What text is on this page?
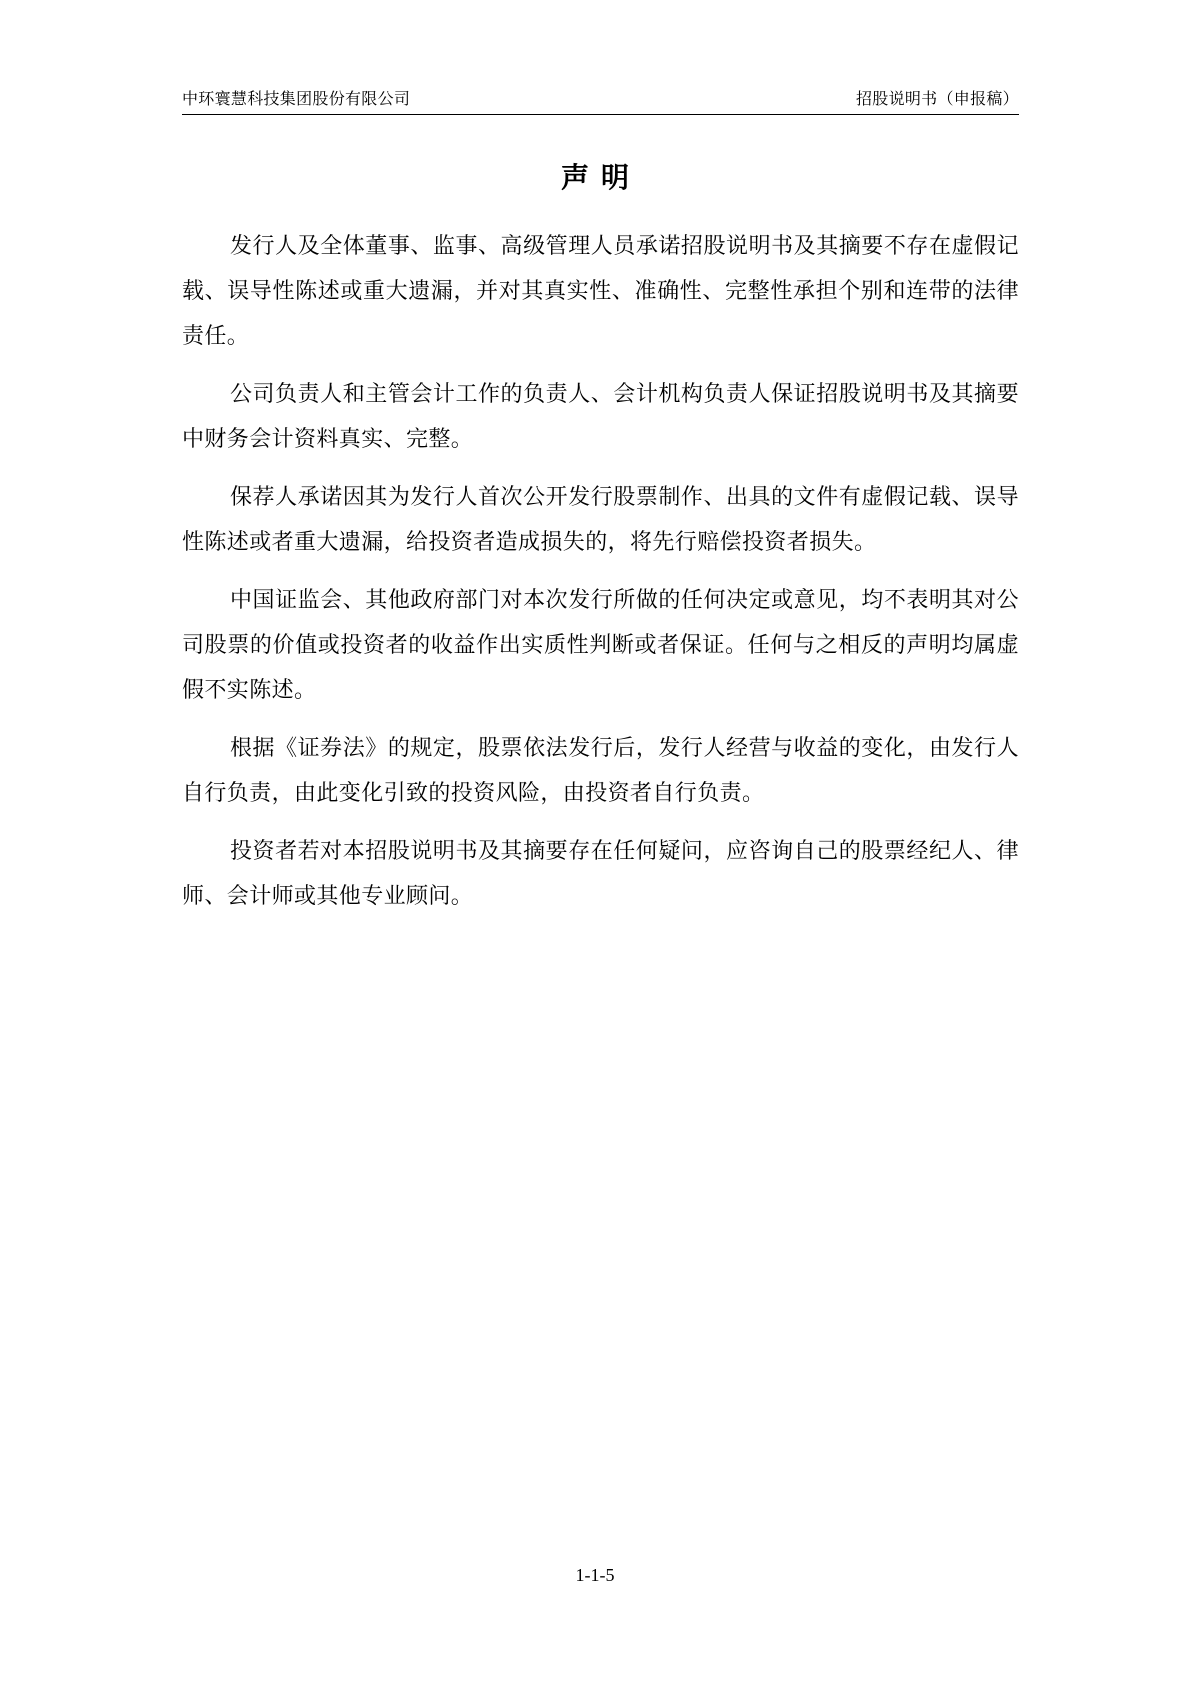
中环寰慧科技集团股份有限公司	招股说明书（申报稿）
声明

发行人及全体董事、监事、高级管理人员承诺招股说明书及其摘要不存在虚假记载、误导性陈述或重大遗漏，并对其真实性、准确性、完整性承担个别和连带的法律责任。

公司负责人和主管会计工作的负责人、会计机构负责人保证招股说明书及其摘要中财务会计资料真实、完整。

保荐人承诺因其为发行人首次公开发行股票制作、出具的文件有虚假记载、误导性陈述或者重大遗漏，给投资者造成损失的，将先行赔偿投资者损失。

中国证监会、其他政府部门对本次发行所做的任何决定或意见，均不表明其对公司股票的价值或投资者的收益作出实质性判断或者保证。任何与之相反的声明均属虚假不实陈述。

根据《证券法》的规定，股票依法发行后，发行人经营与收益的变化，由发行人自行负责，由此变化引致的投资风险，由投资者自行负责。

投资者若对本招股说明书及其摘要存在任何疑问，应咨询自己的股票经纪人、律师、会计师或其他专业顾问。

1-1-5
